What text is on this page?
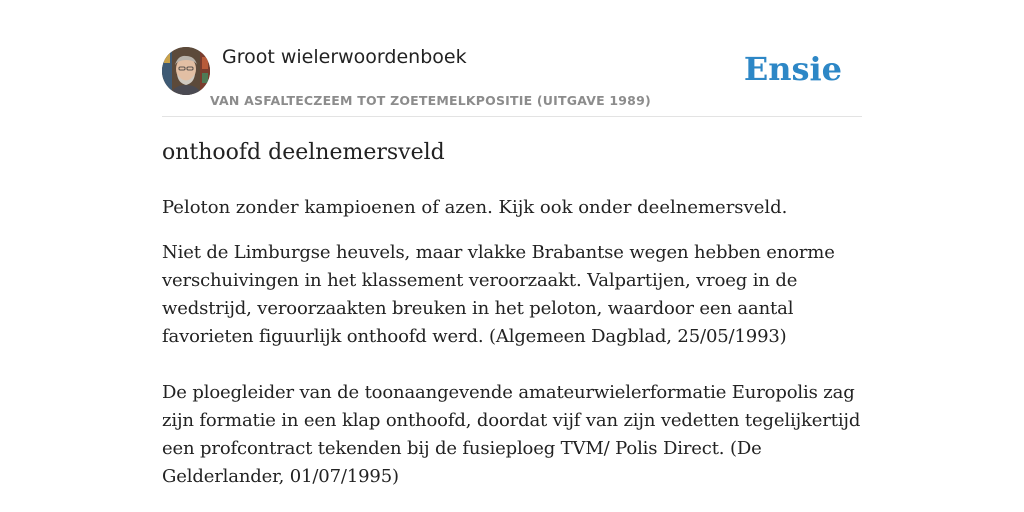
Groot wielerwoordenboek
VAN ASFALTECZEEM TOT ZOETEMELKPOSITIE (UITGAVE 1989)
Ensie
onthoofd deelnemersveld

Peloton zonder kampioenen of azen. Kijk ook onder deelnemersveld.

Niet de Limburgse heuvels, maar vlakke Brabantse wegen hebben enorme verschuivingen in het klassement veroorzaakt. Valpartijen, vroeg in de wedstrijd, veroorzaakten breuken in het peloton, waardoor een aantal favorieten figuurlijk onthoofd werd. (Algemeen Dagblad, 25/05/1993)

De ploegleider van de toonaangevende amateurwielerformatie Europolis zag zijn formatie in een klap onthoofd, doordat vijf van zijn vedetten tegelijkertijd een profcontract tekenden bij de fusieploeg TVM/ Polis Direct. (De Gelderlander, 01/07/1995)
